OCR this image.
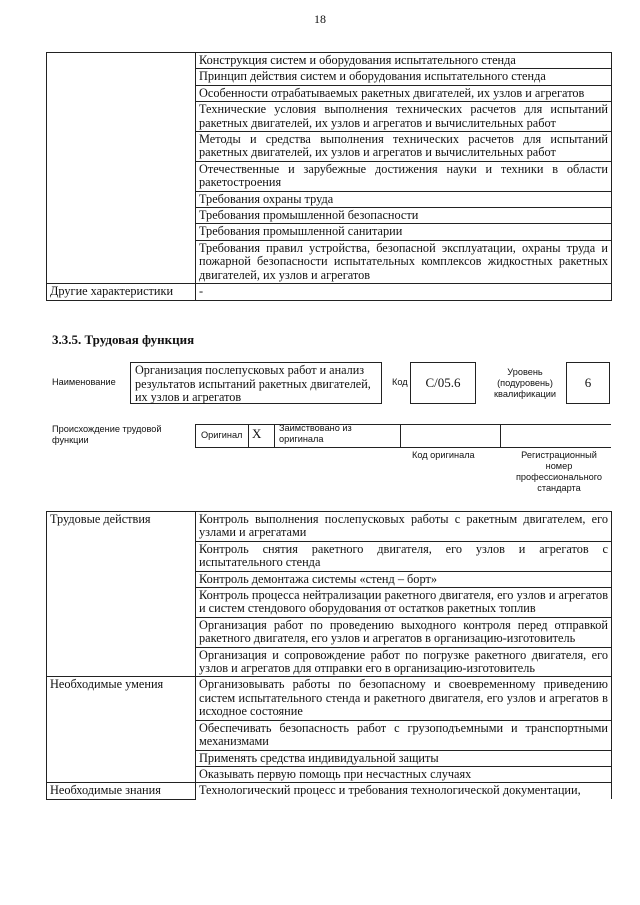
18
	Конструкция систем и оборудования испытательного стенда
	Принцип действия систем и оборудования испытательного стенда
	Особенности отрабатываемых ракетных двигателей, их узлов и агрегатов
	Технические условия выполнения технических расчетов для испытаний ракетных двигателей, их узлов и агрегатов и вычислительных работ
	Методы и средства выполнения технических расчетов для испытаний ракетных двигателей, их узлов и агрегатов и вычислительных работ
	Отечественные и зарубежные достижения науки и техники в области ракетостроения
	Требования охраны труда
	Требования промышленной безопасности
	Требования промышленной санитарии
	Требования правил устройства, безопасной эксплуатации, охраны труда и пожарной безопасности испытательных комплексов жидкостных ракетных двигателей, их узлов и агрегатов
Другие характеристики	-
3.3.5. Трудовая функция
Наименование
Организация послепусковых работ и анализ результатов испытаний ракетных двигателей, их узлов и агрегатов
Код	C/05.6
Уровень (подуровень) квалификации
6
Происхождение трудовой функции	Оригинал X Заимствовано из оригинала
Код оригинала	Регистрационный номер профессионального стандарта
Трудовые действия	Контроль выполнения послепусковых работы с ракетным двигателем, его узлами и агрегатами
	Контроль снятия ракетного двигателя, его узлов и агрегатов с испытательного стенда
	Контроль демонтажа системы «стенд – борт»
	Контроль процесса нейтрализации ракетного двигателя, его узлов и агрегатов и систем стендового оборудования от остатков ракетных топлив
	Организация работ по проведению выходного контроля перед отправкой ракетного двигателя, его узлов и агрегатов в организацию-изготовитель
	Организация и сопровождение работ по погрузке ракетного двигателя, его узлов и агрегатов для отправки его в организацию-изготовитель
Необходимые умения	Организовывать работы по безопасному и своевременному приведению систем испытательного стенда и ракетного двигателя, его узлов и агрегатов в исходное состояние
	Обеспечивать безопасность работ с грузоподъемными и транспортными механизмами
	Применять средства индивидуальной защиты
	Оказывать первую помощь при несчастных случаях
Необходимые знания	Технологический процесс и требования технологической документации,
